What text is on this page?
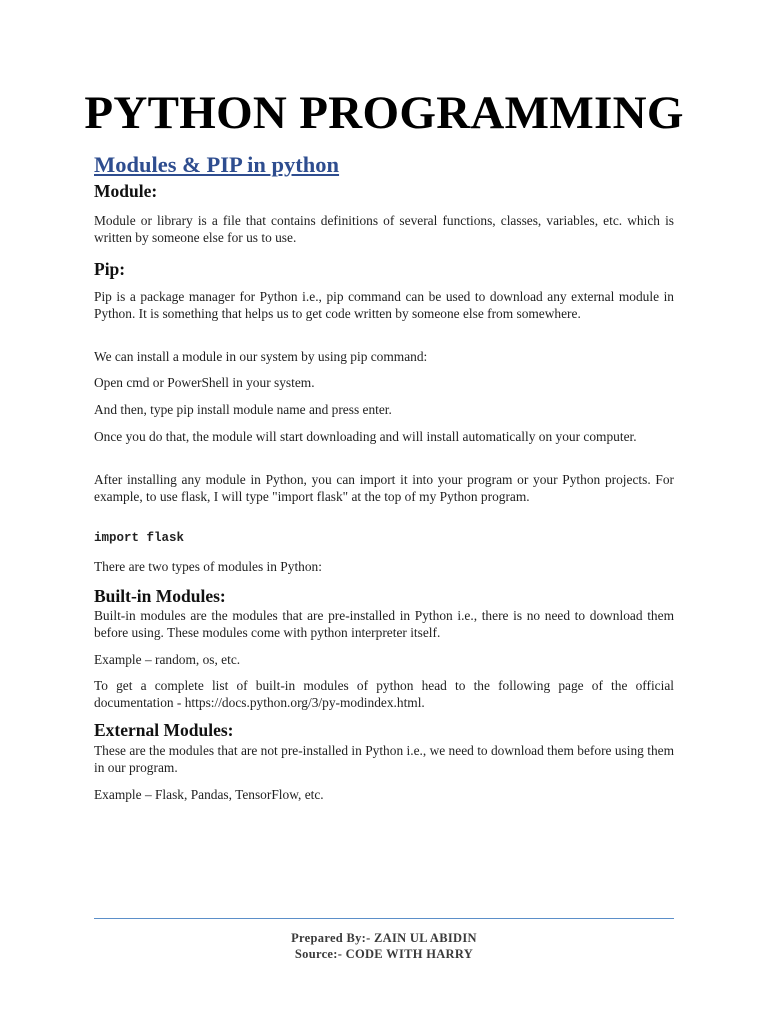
PYTHON PROGRAMMING
Modules & PIP in python
Module:

Module or library is a file that contains definitions of several functions, classes, variables, etc. which is written by someone else for us to use.

Pip:

Pip is a package manager for Python i.e., pip command can be used to download any external module in Python. It is something that helps us to get code written by someone else from somewhere.

We can install a module in our system by using pip command:

Open cmd or PowerShell in your system.

And then, type pip install module name and press enter.

Once you do that, the module will start downloading and will install automatically on your computer.

After installing any module in Python, you can import it into your program or your Python projects. For example, to use flask, I will type "import flask" at the top of my Python program.

import flask

There are two types of modules in Python:

Built-in Modules:

Built-in modules are the modules that are pre-installed in Python i.e., there is no need to download them before using. These modules come with python interpreter itself.

Example – random, os, etc.

To get a complete list of built-in modules of python head to the following page of the official documentation - https://docs.python.org/3/py-modindex.html.

External Modules:

These are the modules that are not pre-installed in Python i.e., we need to download them before using them in our program.

Example – Flask, Pandas, TensorFlow, etc.

Prepared By:- ZAIN UL ABIDIN
Source:- CODE WITH HARRY
